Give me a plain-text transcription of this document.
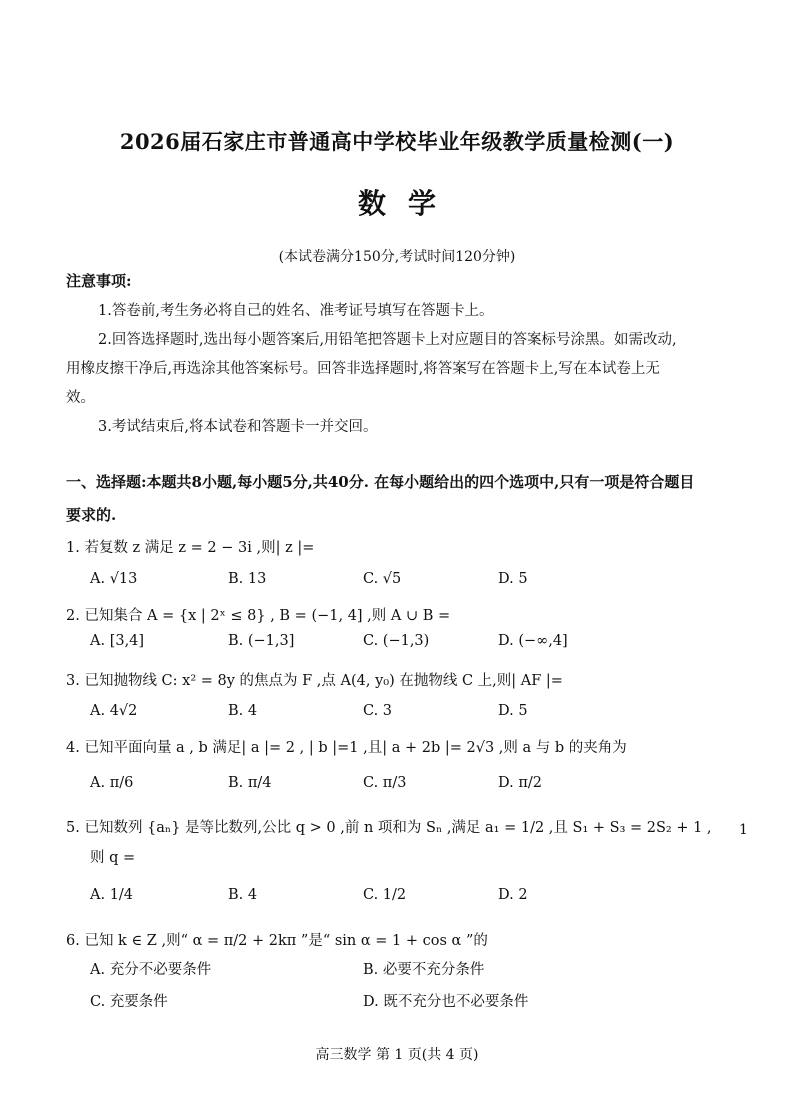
2026届石家庄市普通高中学校毕业年级教学质量检测(一)
数学
(本试卷满分150分,考试时间120分钟)
注意事项:
1.答卷前,考生务必将自己的姓名、准考证号填写在答题卡上。
2.回答选择题时,选出每小题答案后,用铅笔把答题卡上对应题目的答案标号涂黑。如需改动,用橡皮擦干净后,再选涂其他答案标号。回答非选择题时,将答案写在答题卡上,写在本试卷上无效。
3.考试结束后,将本试卷和答题卡一并交回。
一、选择题:本题共8小题,每小题5分,共40分. 在每小题给出的四个选项中,只有一项是符合题目要求的.
1. 若复数 z 满足 z = 2 − 3i ,则| z |=
A. √13	B. 13	C. √5	D. 5
2. 已知集合 A = {x | 2ˣ ≤ 8} , B = (−1, 4] ,则 A ∪ B =
A. [3,4]	B. (−1,3]	C. (−1,3)	D. (−∞,4]
3. 已知抛物线 C: x² = 8y 的焦点为 F ,点 A(4, y₀) 在抛物线 C 上,则| AF |=
A. 4√2	B. 4	C. 3	D. 5
4. 已知平面向量 a , b 满足| a |= 2 , | b |=1 ,且| a + 2b |= 2√3 ,则 a 与 b 的夹角为
A. π/6	B. π/4	C. π/3	D. π/2
5. 已知数列 {aₙ} 是等比数列,公比 q > 0 ,前 n 项和为 Sₙ ,满足 a₁ = 1/2 ,且 S₁ + S₃ = 2S₂ + 1 ,
则 q =
A. 1/4	B. 4	C. 1/2	D. 2
6. 已知 k ∈ Z ,则“ α = π/2 + 2kπ ”是“ sin α = 1 + cos α ”的
A. 充分不必要条件	B. 必要不充分条件
C. 充要条件	D. 既不充分也不必要条件
1
高三数学 第 1 页(共 4 页)
